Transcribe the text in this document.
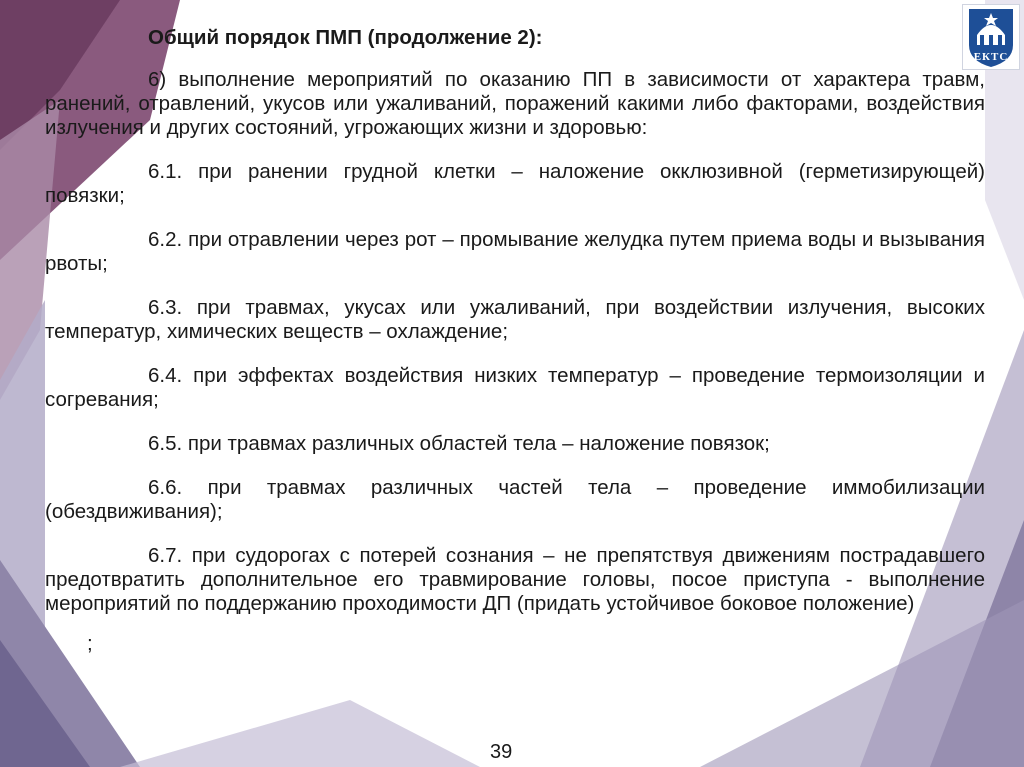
ЕКТС

Общий порядок ПМП (продолжение 2):

6) выполнение мероприятий по оказанию ПП в зависимости от характера травм, ранений, отравлений, укусов или ужаливаний, поражений какими либо факторами, воздействия излучения и других состояний, угрожающих жизни и здоровью:

6.1. при ранении грудной клетки – наложение окклюзивной (герметизирующей) повязки;

6.2. при отравлении через рот – промывание желудка путем приема воды и вызывания рвоты;

6.3. при травмах, укусах или ужаливаний, при воздействии излучения, высоких температур, химических веществ – охлаждение;

6.4. при эффектах воздействия низких температур – проведение термоизоляции и согревания;

6.5. при травмах различных областей тела – наложение повязок;

6.6. при травмах различных частей тела – проведение иммобилизации (обездвиживания);

6.7. при судорогах с потерей сознания – не препятствуя движениям пострадавшего предотвратить дополнительное его травмирование головы, посое приступа - выполнение мероприятий по поддержанию проходимости ДП (придать устойчивое боковое положение)

;

39
